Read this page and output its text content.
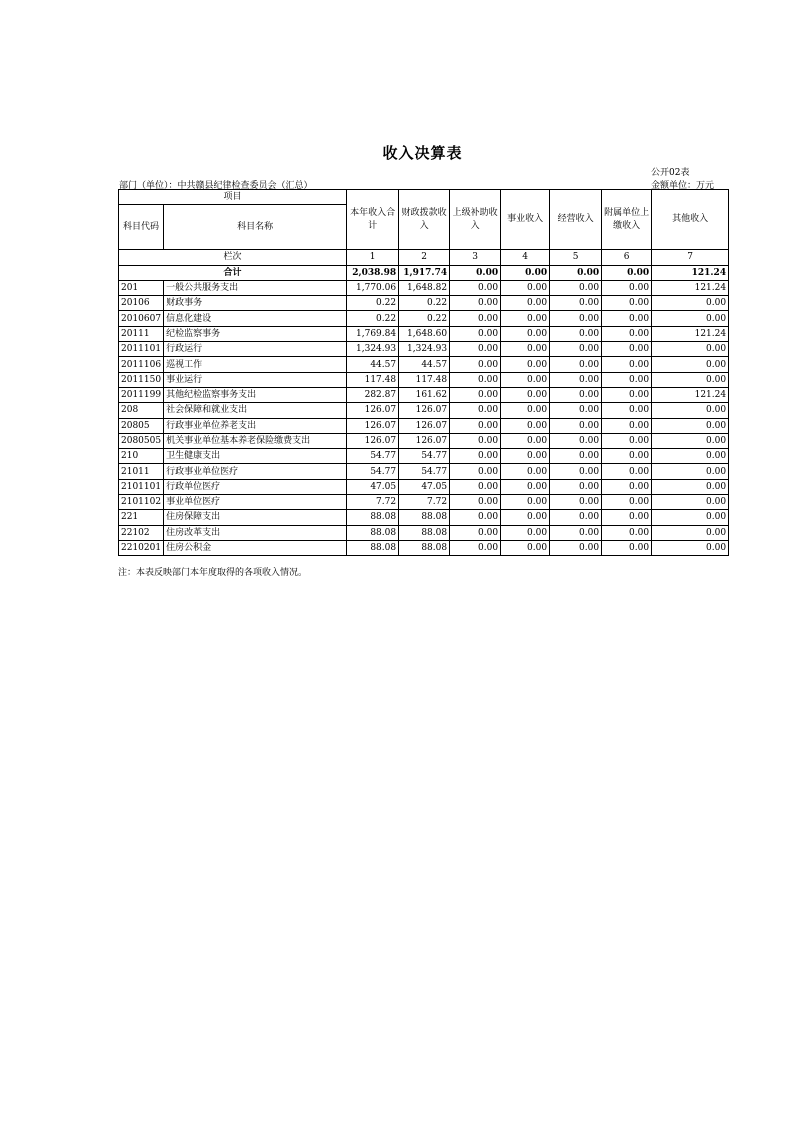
收入决算表
公开02表
部门（单位）：中共赣县纪律检查委员会（汇总）	金额单位：万元
项目		本年收入合计	财政拨款收入	上级补助收入	事业收入	经营收入	附属单位上缴收入	其他收入
科目代码	科目名称							

栏次		1	2	3	4	5	6	7
合计		2,038.98	1,917.74	0.00	0.00	0.00	0.00	121.24
201	一般公共服务支出	1,770.06	1,648.82	0.00	0.00	0.00	0.00	121.24
20106	财政事务	0.22	0.22	0.00	0.00	0.00	0.00	0.00
2010607	信息化建设	0.22	0.22	0.00	0.00	0.00	0.00	0.00
20111	纪检监察事务	1,769.84	1,648.60	0.00	0.00	0.00	0.00	121.24
2011101	行政运行	1,324.93	1,324.93	0.00	0.00	0.00	0.00	0.00
2011106	巡视工作	44.57	44.57	0.00	0.00	0.00	0.00	0.00
2011150	事业运行	117.48	117.48	0.00	0.00	0.00	0.00	0.00
2011199	其他纪检监察事务支出	282.87	161.62	0.00	0.00	0.00	0.00	121.24
208	社会保障和就业支出	126.07	126.07	0.00	0.00	0.00	0.00	0.00
20805	行政事业单位养老支出	126.07	126.07	0.00	0.00	0.00	0.00	0.00
2080505	机关事业单位基本养老保险缴费支出	126.07	126.07	0.00	0.00	0.00	0.00	0.00
210	卫生健康支出	54.77	54.77	0.00	0.00	0.00	0.00	0.00
21011	行政事业单位医疗	54.77	54.77	0.00	0.00	0.00	0.00	0.00
2101101	行政单位医疗	47.05	47.05	0.00	0.00	0.00	0.00	0.00
2101102	事业单位医疗	7.72	7.72	0.00	0.00	0.00	0.00	0.00
221	住房保障支出	88.08	88.08	0.00	0.00	0.00	0.00	0.00
22102	住房改革支出	88.08	88.08	0.00	0.00	0.00	0.00	0.00
2210201	住房公积金	88.08	88.08	0.00	0.00	0.00	0.00	0.00
注：本表反映部门本年度取得的各项收入情况。
